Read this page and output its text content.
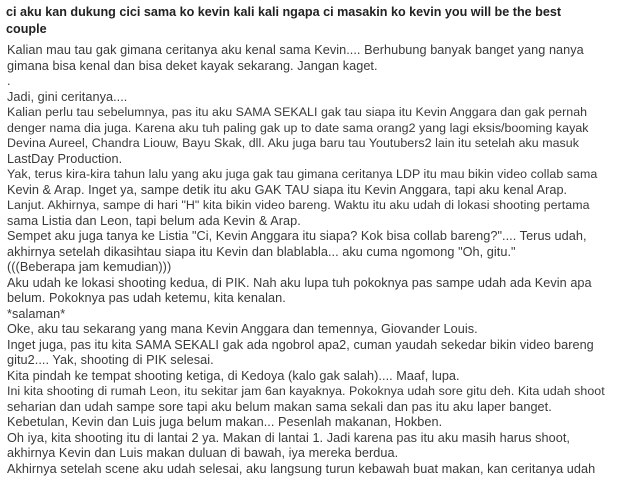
ci aku kan dukung cici sama ko kevin kali kali ngapa ci masakin ko kevin you will be the best
couple
Kalian mau tau gak gimana ceritanya aku kenal sama Kevin.... Berhubung banyak banget yang nanya
gimana bisa kenal dan bisa deket kayak sekarang. Jangan kaget.
.
Jadi, gini ceritanya....
Kalian perlu tau sebelumnya, pas itu aku SAMA SEKALI gak tau siapa itu Kevin Anggara dan gak pernah
denger nama dia juga. Karena aku tuh paling gak up to date sama orang2 yang lagi eksis/booming kayak
Devina Aureel, Chandra Liouw, Bayu Skak, dll. Aku juga baru tau Youtubers2 lain itu setelah aku masuk
LastDay Production.
Yak, terus kira-kira tahun lalu yang aku juga gak tau gimana ceritanya LDP itu mau bikin video collab sama
Kevin & Arap. Inget ya, sampe detik itu aku GAK TAU siapa itu Kevin Anggara, tapi aku kenal Arap.
Lanjut. Akhirnya, sampe di hari "H" kita bikin video bareng. Waktu itu aku udah di lokasi shooting pertama
sama Listia dan Leon, tapi belum ada Kevin & Arap.
Sempet aku juga tanya ke Listia "Ci, Kevin Anggara itu siapa? Kok bisa collab bareng?".... Terus udah,
akhirnya setelah dikasihtau siapa itu Kevin dan blablabla... aku cuma ngomong "Oh, gitu."
(((Beberapa jam kemudian)))
Aku udah ke lokasi shooting kedua, di PIK. Nah aku lupa tuh pokoknya pas sampe udah ada Kevin apa
belum. Pokoknya pas udah ketemu, kita kenalan.
*salaman*
Oke, aku tau sekarang yang mana Kevin Anggara dan temennya, Giovander Louis.
Inget juga, pas itu kita SAMA SEKALI gak ada ngobrol apa2, cuman yaudah sekedar bikin video bareng
gitu2.... Yak, shooting di PIK selesai.
Kita pindah ke tempat shooting ketiga, di Kedoya (kalo gak salah).... Maaf, lupa.
Ini kita shooting di rumah Leon, itu sekitar jam 6an kayaknya. Pokoknya udah sore gitu deh. Kita udah shoot
seharian dan udah sampe sore tapi aku belum makan sama sekali dan pas itu aku laper banget.
Kebetulan, Kevin dan Luis juga belum makan... Pesenlah makanan, Hokben.
Oh iya, kita shooting itu di lantai 2 ya. Makan di lantai 1. Jadi karena pas itu aku masih harus shoot,
akhirnya Kevin dan Luis makan duluan di bawah, iya mereka berdua.
Akhirnya setelah scene aku udah selesai, aku langsung turun kebawah buat makan, kan ceritanya udah
